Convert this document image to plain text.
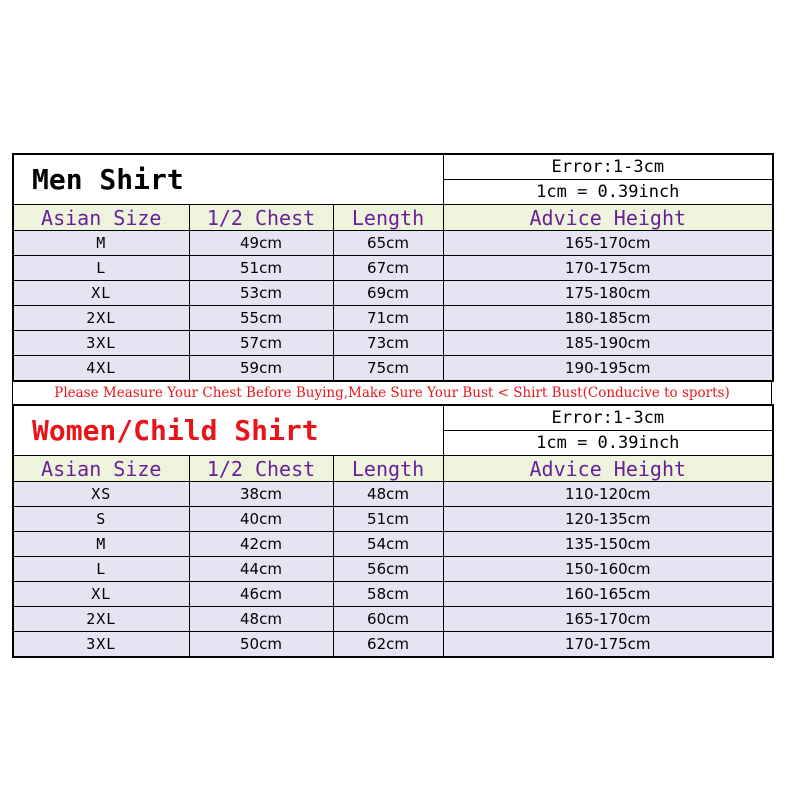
Men Shirt			Error:1-3cm
			1cm = 0.39inch
Asian Size	1/2 Chest	Length	Advice Height
M	49cm	65cm	165-170cm
L	51cm	67cm	170-175cm
XL	53cm	69cm	175-180cm
2XL	55cm	71cm	180-185cm
3XL	57cm	73cm	185-190cm
4XL	59cm	75cm	190-195cm
Please Measure Your Chest Before Buying,Make Sure Your Bust < Shirt Bust(Conducive to sports)
Women/Child Shirt			Error:1-3cm
			1cm = 0.39inch
Asian Size	1/2 Chest	Length	Advice Height
XS	38cm	48cm	110-120cm
S	40cm	51cm	120-135cm
M	42cm	54cm	135-150cm
L	44cm	56cm	150-160cm
XL	46cm	58cm	160-165cm
2XL	48cm	60cm	165-170cm
3XL	50cm	62cm	170-175cm
